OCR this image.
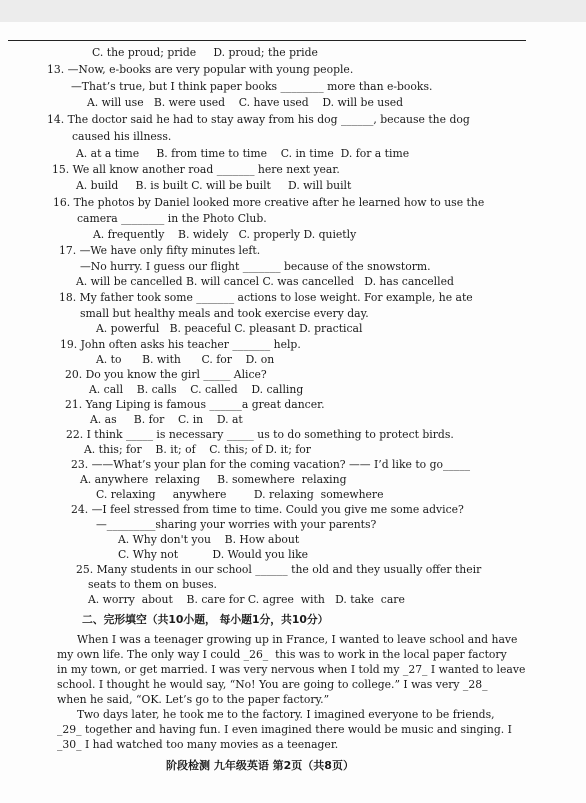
C. the proud; pride     D. proud; the pride
13. —Now, e-books are very popular with young people.
—That’s true, but I think paper books ________ more than e-books.
A. will use   B. were used    C. have used    D. will be used
14. The doctor said he had to stay away from his dog ______, because the dog
caused his illness.
A. at a time     B. from time to time    C. in time  D. for a time
15. We all know another road _______ here next year.
A. build     B. is built C. will be built     D. will built
16. The photos by Daniel looked more creative after he learned how to use the
camera ________ in the Photo Club.
A. frequently    B. widely   C. properly D. quietly
17. —We have only fifty minutes left.
—No hurry. I guess our flight _______ because of the snowstorm.
A. will be cancelled B. will cancel C. was cancelled   D. has cancelled
18. My father took some _______ actions to lose weight. For example, he ate
small but healthy meals and took exercise every day.
A. powerful   B. peaceful C. pleasant D. practical
19. John often asks his teacher _______ help.
A. to      B. with      C. for    D. on
20. Do you know the girl _____ Alice?
A. call    B. calls    C. called    D. calling
21. Yang Liping is famous ______a great dancer.
A. as     B. for    C. in    D. at
22. I think _____ is necessary _____ us to do something to protect birds.
A. this; for    B. it; of    C. this; of D. it; for
23. ——What’s your plan for the coming vacation? —— I’d like to go_____
A. anywhere  relaxing     B. somewhere  relaxing
C. relaxing     anywhere        D. relaxing  somewhere
24. —I feel stressed from time to time. Could you give me some advice?
—_________sharing your worries with your parents?
A. Why don't you    B. How about
C. Why not          D. Would you like
25. Many students in our school ______ the old and they usually offer their
seats to them on buses.
A. worry  about    B. care for C. agree  with   D. take  care
二、完形填空（共10小题， 每小题1分，共10分）
When I was a teenager growing up in France, I wanted to leave school and have
my own life. The only way I could _26_  this was to work in the local paper factory
in my town, or get married. I was very nervous when I told my _27_ I wanted to leave
school. I thought he would say, “No! You are going to college.” I was very _28_
when he said, “OK. Let’s go to the paper factory.”
Two days later, he took me to the factory. I imagined everyone to be friends,
_29_ together and having fun. I even imagined there would be music and singing. I
_30_ I had watched too many movies as a teenager.
阶段检测 九年级英语 第2页（共8页）
